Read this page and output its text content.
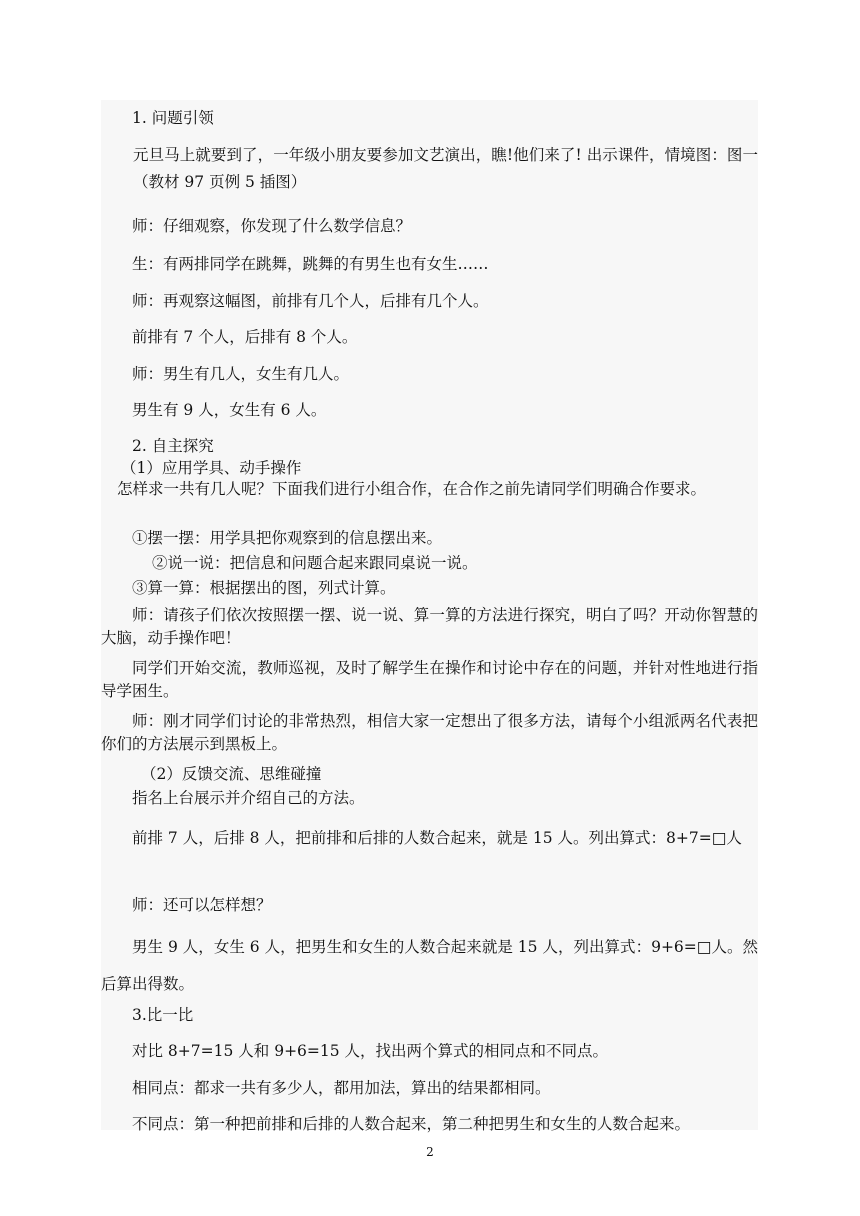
1. 问题引领
元旦马上就要到了，一年级小朋友要参加文艺演出，瞧!他们来了! 出示课件，情境图：图一（教材 97 页例 5 插图）
师：仔细观察，你发现了什么数学信息？
生：有两排同学在跳舞，跳舞的有男生也有女生……
师：再观察这幅图，前排有几个人，后排有几个人。
前排有 7 个人，后排有 8 个人。
师：男生有几人，女生有几人。
男生有 9 人，女生有 6 人。
2. 自主探究
（1）应用学具、动手操作
怎样求一共有几人呢？下面我们进行小组合作，在合作之前先请同学们明确合作要求。
①摆一摆：用学具把你观察到的信息摆出来。
②说一说：把信息和问题合起来跟同桌说一说。
③算一算：根据摆出的图，列式计算。
师：请孩子们依次按照摆一摆、说一说、算一算的方法进行探究，明白了吗？开动你智慧的大脑，动手操作吧！
同学们开始交流，教师巡视，及时了解学生在操作和讨论中存在的问题，并针对性地进行指导学困生。
师：刚才同学们讨论的非常热烈，相信大家一定想出了很多方法，请每个小组派两名代表把你们的方法展示到黑板上。
（2）反馈交流、思维碰撞
指名上台展示并介绍自己的方法。
前排 7 人，后排 8 人，把前排和后排的人数合起来，就是 15 人。列出算式：8+7=□人
师：还可以怎样想？
男生 9 人，女生 6 人，把男生和女生的人数合起来就是 15 人，列出算式：9+6=□人。然后算出得数。
3.比一比
对比 8+7=15 人和 9+6=15 人，找出两个算式的相同点和不同点。
相同点：都求一共有多少人，都用加法，算出的结果都相同。
不同点：第一种把前排和后排的人数合起来，第二种把男生和女生的人数合起来。
2
